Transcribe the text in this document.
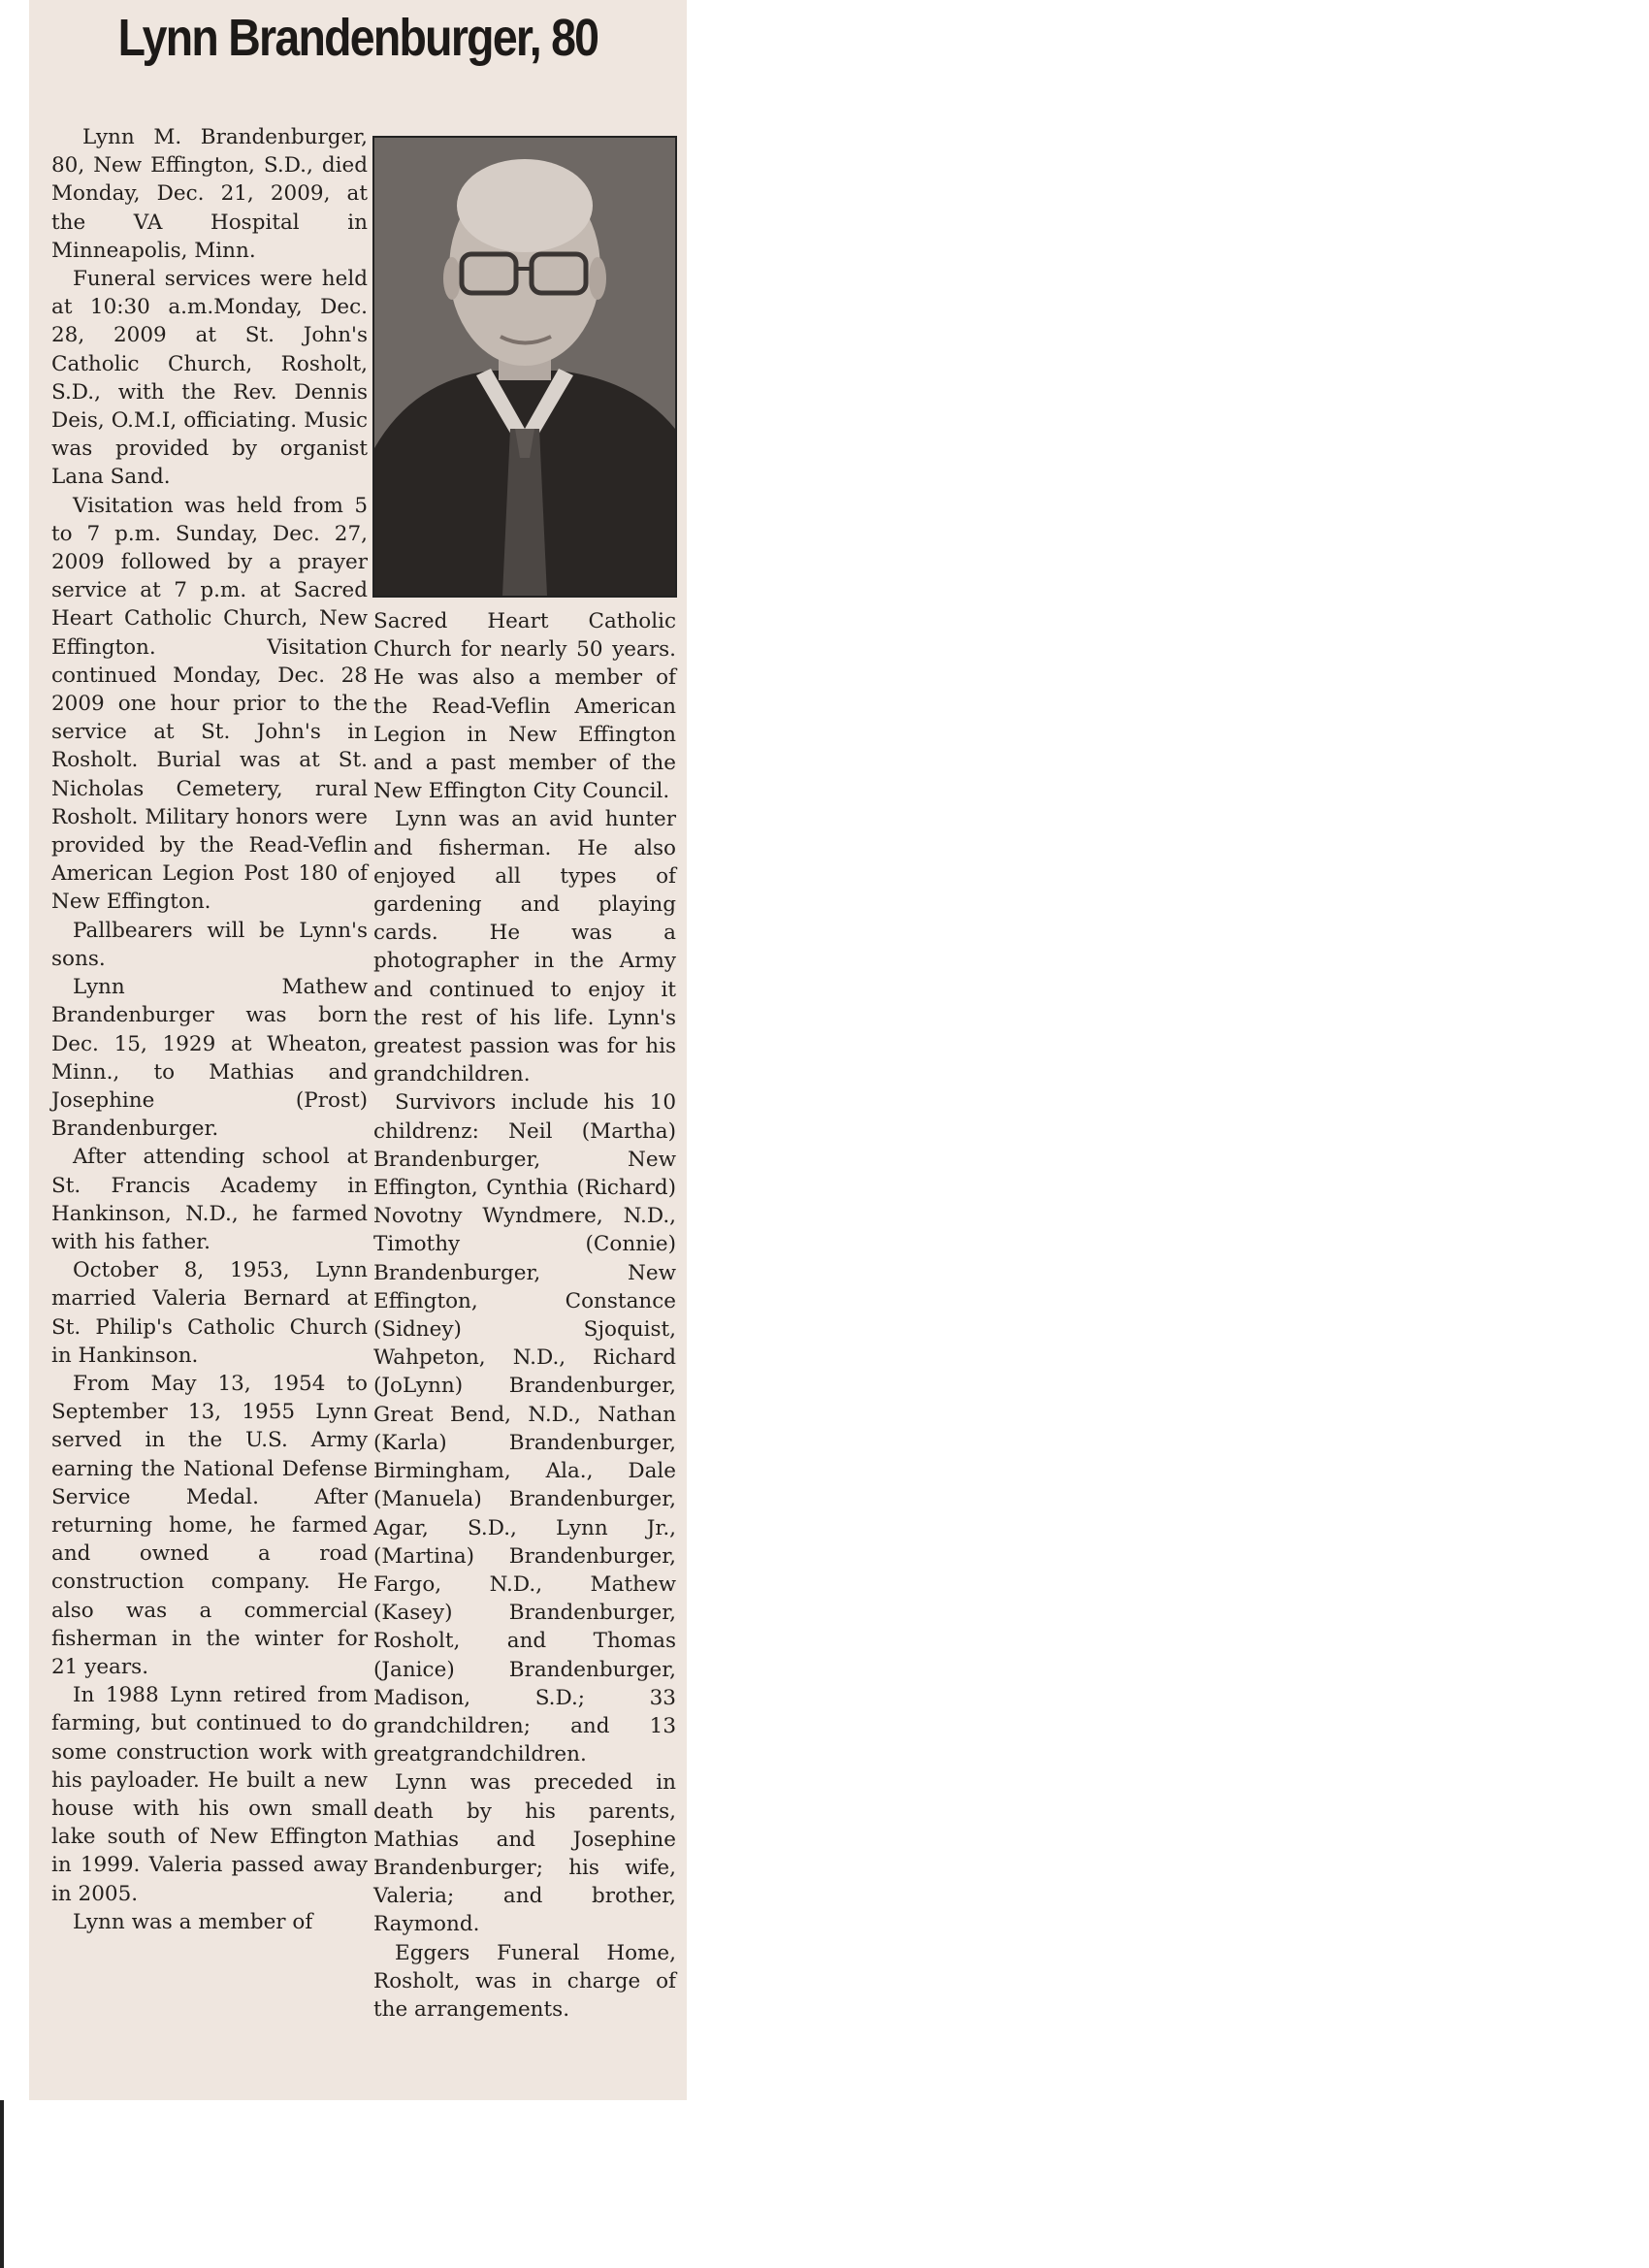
Lynn Brandenburger, 80

Lynn M. Brandenburger, 80, New Effington, S.D., died Monday, Dec. 21, 2009, at the VA Hospital in Minneapolis, Minn.

Funeral services were held at 10:30 a.m.Monday, Dec. 28, 2009 at St. John's Catholic Church, Rosholt, S.D., with the Rev. Dennis Deis, O.M.I, officiating. Music was provided by organist Lana Sand.

Visitation was held from 5 to 7 p.m. Sunday, Dec. 27, 2009 followed by a prayer service at 7 p.m. at Sacred Heart Catholic Church, New Effington. Visitation continued Monday, Dec. 28 2009 one hour prior to the service at St. John's in Rosholt. Burial was at St. Nicholas Cemetery, rural Rosholt. Military honors were provided by the Read-Veflin American Legion Post 180 of New Effington.

Pallbearers will be Lynn's sons.

Lynn Mathew Brandenburger was born Dec. 15, 1929 at Wheaton, Minn., to Mathias and Josephine (Prost) Brandenburger.

After attending school at St. Francis Academy in Hankinson, N.D., he farmed with his father.

October 8, 1953, Lynn married Valeria Bernard at St. Philip's Catholic Church in Hankinson.

From May 13, 1954 to September 13, 1955 Lynn served in the U.S. Army earning the National Defense Service Medal. After returning home, he farmed and owned a road construction company. He also was a commercial fisherman in the winter for 21 years.

In 1988 Lynn retired from farming, but continued to do some construction work with his payloader. He built a new house with his own small lake south of New Effington in 1999. Valeria passed away in 2005.

Lynn was a member of

Sacred Heart Catholic Church for nearly 50 years. He was also a member of the Read-Veflin American Legion in New Effington and a past member of the New Effington City Council.

Lynn was an avid hunter and fisherman. He also enjoyed all types of gardening and playing cards. He was a photographer in the Army and continued to enjoy it the rest of his life. Lynn's greatest passion was for his grandchildren.

Survivors include his 10 childrenz: Neil (Martha) Brandenburger, New Effington, Cynthia (Richard) Novotny Wyndmere, N.D., Timothy (Connie) Brandenburger, New Effington, Constance (Sidney) Sjoquist, Wahpeton, N.D., Richard (JoLynn) Brandenburger, Great Bend, N.D., Nathan (Karla) Brandenburger, Birmingham, Ala., Dale (Manuela) Brandenburger, Agar, S.D., Lynn Jr., (Martina) Brandenburger, Fargo, N.D., Mathew (Kasey) Brandenburger, Rosholt, and Thomas (Janice) Brandenburger, Madison, S.D.; 33 grandchildren; and 13 greatgrandchildren.

Lynn was preceded in death by his parents, Mathias and Josephine Brandenburger; his wife, Valeria; and brother, Raymond.

Eggers Funeral Home, Rosholt, was in charge of the arrangements.
